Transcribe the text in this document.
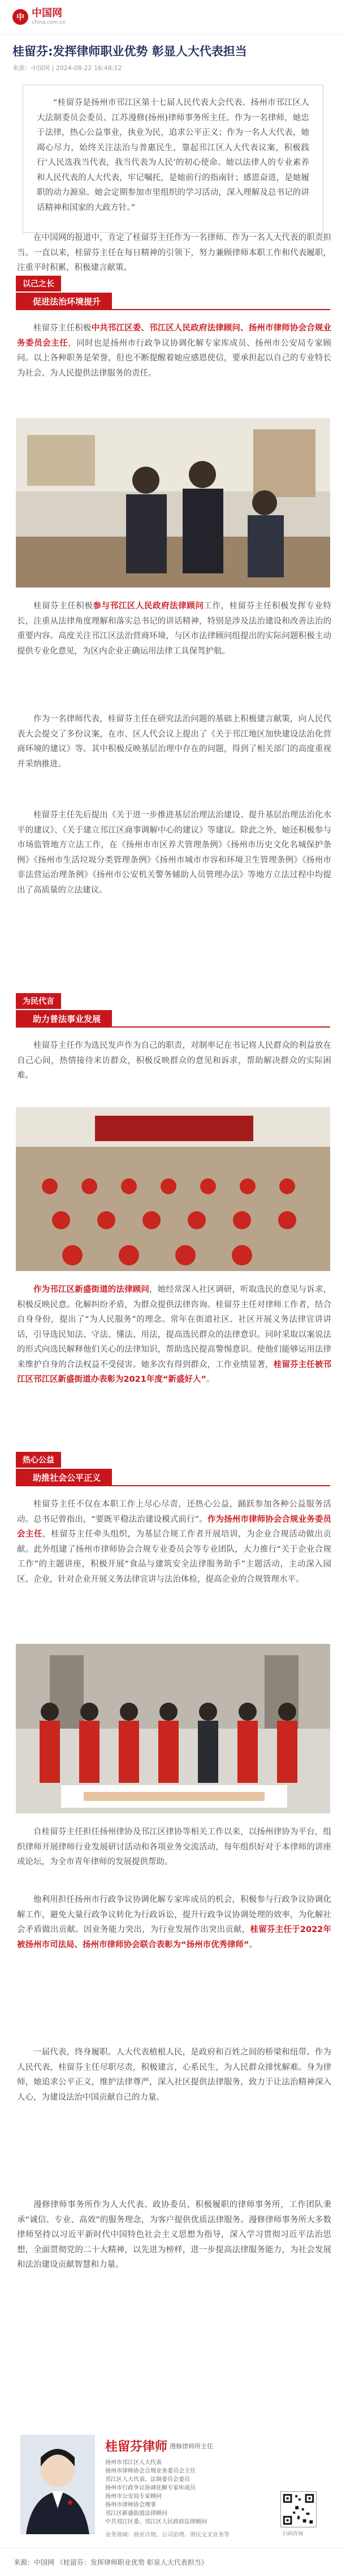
中 中国网
china.com.cn
桂留芬:发挥律师职业优势 彰显人大代表担当
来源：中国网 | 2024-08-22 16:48:12

“桂留芬是扬州市邗江区第十七届人民代表大会代表、扬州市邗江区人大法制委员会委员、江苏漫修(扬州)律师事务所主任。作为一名律师，她忠于法律，热心公益事业，执业为民，追求公平正义；作为一名人大代表，她竭心尽力，始终关注法治与普惠民生，靠起邗江区人大代表议案，积极践行‘人民选我当代表，我当代表为人民’的初心使命。她以法律人的专业素养和人民代表的人大代表，牢记嘱托，是她前行的指南针；感恩奋进，是她履职的动力源泉。她会定期参加市里组织的学习活动，深入理解及总书记的讲话精神和国家的大政方针。”

在中国网的报道中，肯定了桂留芬主任作为一名律师、作为一名人大代表的职责担当。一直以来，桂留芬主任在每日精神的引领下，努力兼顾律师本职工作和代表履职，注重平时积累，积极建言献策。

以己之长
促进法治环境提升

桂留芬主任积极中共邗江区委、邗江区人民政府法律顾问、扬州市律师协会合规业务委员会主任，同时也是扬州市行政争议协调化解专家库成员、扬州市公安局专家顾问。以上各种职务是荣誉，但也不断提醒着她应感恩使信，要承担起以自己的专业特长为社会、为人民提供法律服务的责任。

桂留芬主任积极参与邗江区人民政府法律顾问工作，桂留芬主任积极发挥专业特长，注重从法律角度理解和落实总书记的讲话精神，特别是涉及法治建设和改善法治的重要内容。高度关注邗江区法治营商环境，与区市法律顾问组提出的实际问题积极主动提供专业化意见，为区内企业正确运用法律工具保驾护航。

作为一名律师代表，桂留芬主任在研究法治问题的基础上积极建言献策，向人民代表大会提交了多份议案，在市、区人代会议上提出了《关于邗江地区加快建设法治化营商环境的建议》等。其中积极反映基层治理中存在的问题，得到了相关部门的高度重视并采纳推进。

桂留芬主任先后提出《关于进一步推进基层治理法治建设、提升基层治理法治化水平的建议》、《关于建立邗江区商事调解中心的建议》等建议。除此之外，她还积极参与市场监管地方立法工作，在《扬州市市区养犬管理条例》《扬州市历史文化名城保护条例》《扬州市生活垃圾分类管理条例》《扬州市城市市容和环境卫生管理条例》《扬州市非法营运治理条例》《扬州市公安机关警务辅助人员管理办法》等地方立法过程中均提出了高质量的立法建议。

为民代言
助力普法事业发展

桂留芬主任作为选民发声作为自己的职责，对制率记在书记将人民群众的利益放在自己心间，热情接待来访群众，积极反映群众的意见和诉求，帮助解决群众的实际困难。

作为邗江区新盛街道的法律顾问，她经常深入社区调研，听取选民的意见与诉求，积极反映民意。化解纠纷矛盾，为群众提供法律咨询。桂留芬主任对律师工作者，结合自身身份，提出了“为人民服务”的理念。常年在街道社区、社区开展义务法律宣讲讲话，引导选民知法、守法、懂法、用法，提高选民群众的法律意识。同时采取以案说法的形式向选民解释他们关心的法律知识，帮助选民提高警惕意识。使他们能够运用法律来维护自身的合法权益不受侵害。她多次有得到群众，工作业绩显著，桂留芬主任被邗江区邗江区新盛街道办表彰为2021年度“新盛好人”。

热心公益
助推社会公平正义

桂留芬主任不仅在本职工作上尽心尽责，还热心公益，踊跃参加各种公益服务活动。总书记曾指出，“要既平稳法治建设模式前行”。作为扬州市律师协会合规业务委员会主任，桂留芬主任牵头组织，为基层合规工作者开展培训，为企业合规活动做出贡献。此外组建了扬州市律师协会合规专业委员会等专业团队，大力推行“关于企业合规工作”的主题讲座，积极开展“食品与建筑安全法律服务助手”主题活动，主动深入园区、企业，针对企业开展义务法律宣讲与法治体检，提高企业的合规管理水平。

自桂留芬主任担任扬州律协及邗江区律协等相关工作以来，以扬州律协为平台，组织律师开展律师行业发展研讨活动和各项业务交流活动，每年组织好对于本律师的讲座或论坛，为全市青年律师的发展提供帮助。

他利用担任扬州市行政争议协调化解专家库成员的机会，积极参与行政争议协调化解工作，避免大量行政争议转化为行政诉讼，提升行政争议协调处理的效率，为化解社会矛盾做出贡献。因业务能力突出，为行业发展作出突出贡献，桂留芬主任于2022年被扬州市司法局、扬州市律师协会联合表彰为“扬州市优秀律师”。

一届代表，终身履职。人大代表植根人民，是政府和百姓之间的桥梁和纽带。作为人民代表，桂留芬主任尽职尽责，积极建言，心系民生，为人民群众排忧解难。身为律师，她追求公平正义，维护法律尊严，深入社区提供法律服务，致力于让法治精神深入人心，为建设法治中国贡献自己的力量。

漫修律师事务所作为人大代表、政协委员、积极履职的律师事务所，工作团队秉承“诚信、专业、高效”的服务理念，为客户提供优质法律服务。漫修律师事务所大多数律师坚持以习近平新时代中国特色社会主义思想为指导，深入学习贯彻习近平法治思想，全面贯彻党的二十大精神，以先进为榜样，进一步提高法律服务能力，为社会发展和法治建设贡献智慧和力量。

桂留芬律师 漫修律师所主任
扬州市邗江区人大代表
扬州市律师协会合规业务委员会主任
邗江区人大代表、法制委员会委员
扬州市行政争议协调化解专家库成员
扬州市公安局专家顾问
扬州市律师协会理事
邗江区新盛街道法律顾问
中共邗江区委、邗江区人民政府法律顾问
业务领域：商业合规、公司治理、刑民交叉业务等	扫码咨询
来源：中国网 《桂留芬：发挥律师职业优势 彰显人大代表担当》
